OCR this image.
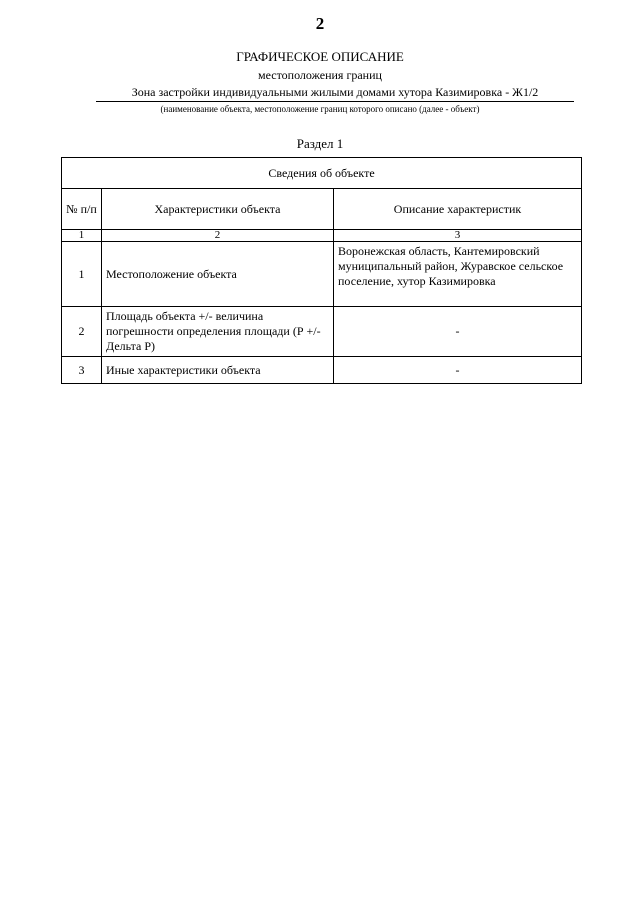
2
ГРАФИЧЕСКОЕ ОПИСАНИЕ
местоположения границ
Зона застройки индивидуальными жилыми домами хутора Казимировка - Ж1/2
(наименование объекта, местоположение границ которого описано (далее - объект)
Раздел 1
Сведения об объекте		
№ п/п	Характеристики объекта	Описание характеристик
1	2	3
1	Местоположение объекта	Воронежская область, Кантемировский муниципальный район, Журавское сельское поселение, хутор Казимировка
2	Площадь объекта +/- величина погрешности определения площади (Р +/- Дельта Р)	-
3	Иные характеристики объекта	-
